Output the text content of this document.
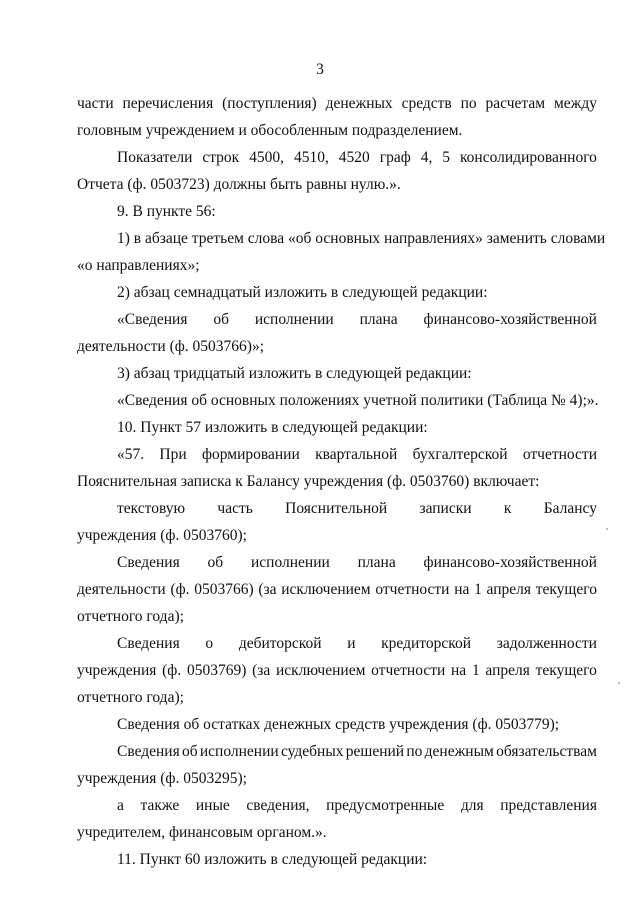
3
части перечисления (поступления) денежных средств по расчетам между
головным учреждением и обособленным подразделением.
Показатели строк 4500, 4510, 4520 граф 4, 5 консолидированного
Отчета (ф. 0503723) должны быть равны нулю.».
9. В пункте 56:
1) в абзаце третьем слова «об основных направлениях» заменить словами
«о направлениях»;
2) абзац семнадцатый изложить в следующей редакции:
«Сведения об исполнении плана финансово-хозяйственной
деятельности (ф. 0503766)»;
3) абзац тридцатый изложить в следующей редакции:
«Сведения об основных положениях учетной политики (Таблица № 4);».
10. Пункт 57 изложить в следующей редакции:
«57. При формировании квартальной бухгалтерской отчетности
Пояснительная записка к Балансу учреждения (ф. 0503760) включает:
текстовую часть Пояснительной записки к Балансу
учреждения (ф. 0503760);
Сведения об исполнении плана финансово-хозяйственной
деятельности (ф. 0503766) (за исключением отчетности на 1 апреля текущего
отчетного года);
Сведения о дебиторской и кредиторской задолженности
учреждения (ф. 0503769) (за исключением отчетности на 1 апреля текущего
отчетного года);
Сведения об остатках денежных средств учреждения (ф. 0503779);
Сведения об исполнении судебных решений по денежным обязательствам
учреждения (ф. 0503295);
а также иные сведения, предусмотренные для представления
учредителем, финансовым органом.».
11. Пункт 60 изложить в следующей редакции:
